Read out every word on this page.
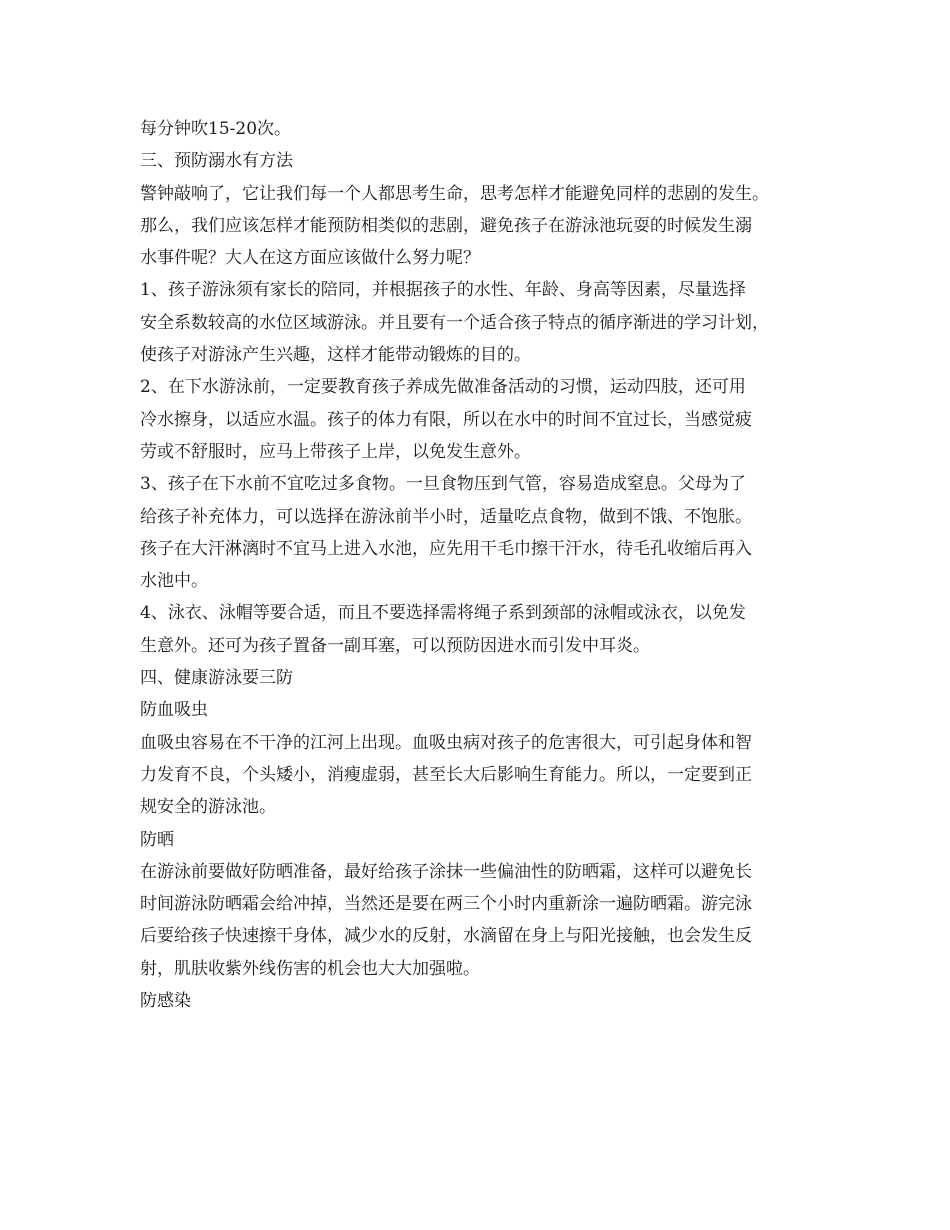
每分钟吹15-20次。
三、预防溺水有方法
警钟敲响了，它让我们每一个人都思考生命，思考怎样才能避免同样的悲剧的发生。
那么，我们应该怎样才能预防相类似的悲剧，避免孩子在游泳池玩耍的时候发生溺
水事件呢？大人在这方面应该做什么努力呢？
1、孩子游泳须有家长的陪同，并根据孩子的水性、年龄、身高等因素，尽量选择
安全系数较高的水位区域游泳。并且要有一个适合孩子特点的循序渐进的学习计划，
使孩子对游泳产生兴趣，这样才能带动锻炼的目的。
2、在下水游泳前，一定要教育孩子养成先做准备活动的习惯，运动四肢，还可用
冷水擦身，以适应水温。孩子的体力有限，所以在水中的时间不宜过长，当感觉疲
劳或不舒服时，应马上带孩子上岸，以免发生意外。
3、孩子在下水前不宜吃过多食物。一旦食物压到气管，容易造成窒息。父母为了
给孩子补充体力，可以选择在游泳前半小时，适量吃点食物，做到不饿、不饱胀。
孩子在大汗淋漓时不宜马上进入水池，应先用干毛巾擦干汗水，待毛孔收缩后再入
水池中。
4、泳衣、泳帽等要合适，而且不要选择需将绳子系到颈部的泳帽或泳衣，以免发
生意外。还可为孩子置备一副耳塞，可以预防因进水而引发中耳炎。
四、健康游泳要三防
防血吸虫
血吸虫容易在不干净的江河上出现。血吸虫病对孩子的危害很大，可引起身体和智
力发育不良，个头矮小，消瘦虚弱，甚至长大后影响生育能力。所以，一定要到正
规安全的游泳池。
防晒
在游泳前要做好防晒准备，最好给孩子涂抹一些偏油性的防晒霜，这样可以避免长
时间游泳防晒霜会给冲掉，当然还是要在两三个小时内重新涂一遍防晒霜。游完泳
后要给孩子快速擦干身体，减少水的反射，水滴留在身上与阳光接触，也会发生反
射，肌肤收紫外线伤害的机会也大大加强啦。
防感染
